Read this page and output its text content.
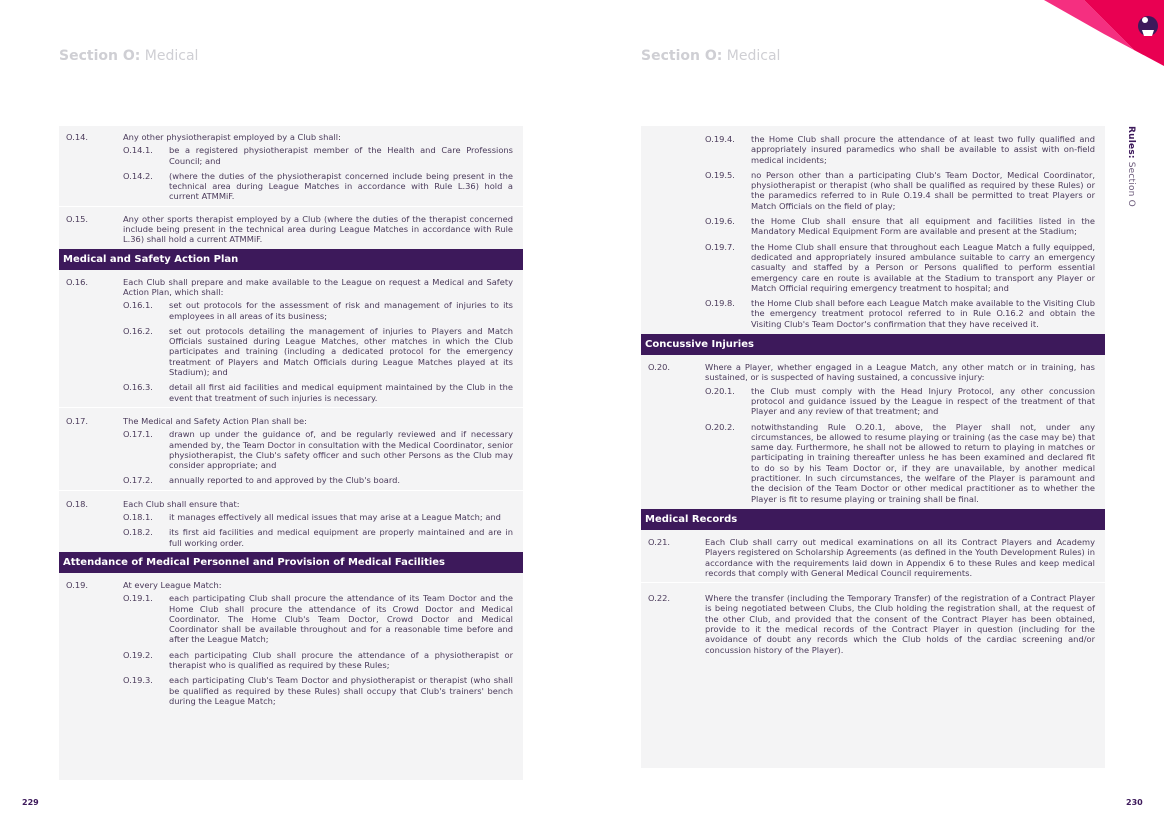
Section O: Medical	Section O: Medical
Rules: Section O
O.14.	Any other physiotherapist employed by a Club shall:
O.14.1.	be a registered physiotherapist member of the Health and Care Professions Council; and
O.14.2.	(where the duties of the physiotherapist concerned include being present in the technical area during League Matches in accordance with Rule L.36) hold a current ATMMiF.
O.15.	Any other sports therapist employed by a Club (where the duties of the therapist concerned include being present in the technical area during League Matches in accordance with Rule L.36) shall hold a current ATMMiF.
Medical and Safety Action Plan
O.16.	Each Club shall prepare and make available to the League on request a Medical and Safety Action Plan, which shall:
O.16.1.	set out protocols for the assessment of risk and management of injuries to its employees in all areas of its business;
O.16.2.	set out protocols detailing the management of injuries to Players and Match Officials sustained during League Matches, other matches in which the Club participates and training (including a dedicated protocol for the emergency treatment of Players and Match Officials during League Matches played at its Stadium); and
O.16.3.	detail all first aid facilities and medical equipment maintained by the Club in the event that treatment of such injuries is necessary.
O.17.	The Medical and Safety Action Plan shall be:
O.17.1.	drawn up under the guidance of, and be regularly reviewed and if necessary amended by, the Team Doctor in consultation with the Medical Coordinator, senior physiotherapist, the Club's safety officer and such other Persons as the Club may consider appropriate; and
O.17.2.	annually reported to and approved by the Club's board.
O.18.	Each Club shall ensure that:
O.18.1.	it manages effectively all medical issues that may arise at a League Match; and
O.18.2.	its first aid facilities and medical equipment are properly maintained and are in full working order.
Attendance of Medical Personnel and Provision of Medical Facilities
O.19.	At every League Match:
O.19.1.	each participating Club shall procure the attendance of its Team Doctor and the Home Club shall procure the attendance of its Crowd Doctor and Medical Coordinator. The Home Club's Team Doctor, Crowd Doctor and Medical Coordinator shall be available throughout and for a reasonable time before and after the League Match;
O.19.2.	each participating Club shall procure the attendance of a physiotherapist or therapist who is qualified as required by these Rules;
O.19.3.	each participating Club's Team Doctor and physiotherapist or therapist (who shall be qualified as required by these Rules) shall occupy that Club's trainers' bench during the League Match;
O.19.4.	the Home Club shall procure the attendance of at least two fully qualified and appropriately insured paramedics who shall be available to assist with on-field medical incidents;
O.19.5.	no Person other than a participating Club's Team Doctor, Medical Coordinator, physiotherapist or therapist (who shall be qualified as required by these Rules) or the paramedics referred to in Rule O.19.4 shall be permitted to treat Players or Match Officials on the field of play;
O.19.6.	the Home Club shall ensure that all equipment and facilities listed in the Mandatory Medical Equipment Form are available and present at the Stadium;
O.19.7.	the Home Club shall ensure that throughout each League Match a fully equipped, dedicated and appropriately insured ambulance suitable to carry an emergency casualty and staffed by a Person or Persons qualified to perform essential emergency care en route is available at the Stadium to transport any Player or Match Official requiring emergency treatment to hospital; and
O.19.8.	the Home Club shall before each League Match make available to the Visiting Club the emergency treatment protocol referred to in Rule O.16.2 and obtain the Visiting Club's Team Doctor's confirmation that they have received it.
Concussive Injuries
O.20.	Where a Player, whether engaged in a League Match, any other match or in training, has sustained, or is suspected of having sustained, a concussive injury:
O.20.1.	the Club must comply with the Head Injury Protocol, any other concussion protocol and guidance issued by the League in respect of the treatment of that Player and any review of that treatment; and
O.20.2.	notwithstanding Rule O.20.1, above, the Player shall not, under any circumstances, be allowed to resume playing or training (as the case may be) that same day. Furthermore, he shall not be allowed to return to playing in matches or participating in training thereafter unless he has been examined and declared fit to do so by his Team Doctor or, if they are unavailable, by another medical practitioner. In such circumstances, the welfare of the Player is paramount and the decision of the Team Doctor or other medical practitioner as to whether the Player is fit to resume playing or training shall be final.
Medical Records
O.21.	Each Club shall carry out medical examinations on all its Contract Players and Academy Players registered on Scholarship Agreements (as defined in the Youth Development Rules) in accordance with the requirements laid down in Appendix 6 to these Rules and keep medical records that comply with General Medical Council requirements.
O.22.	Where the transfer (including the Temporary Transfer) of the registration of a Contract Player is being negotiated between Clubs, the Club holding the registration shall, at the request of the other Club, and provided that the consent of the Contract Player has been obtained, provide to it the medical records of the Contract Player in question (including for the avoidance of doubt any records which the Club holds of the cardiac screening and/or concussion history of the Player).
229	230
